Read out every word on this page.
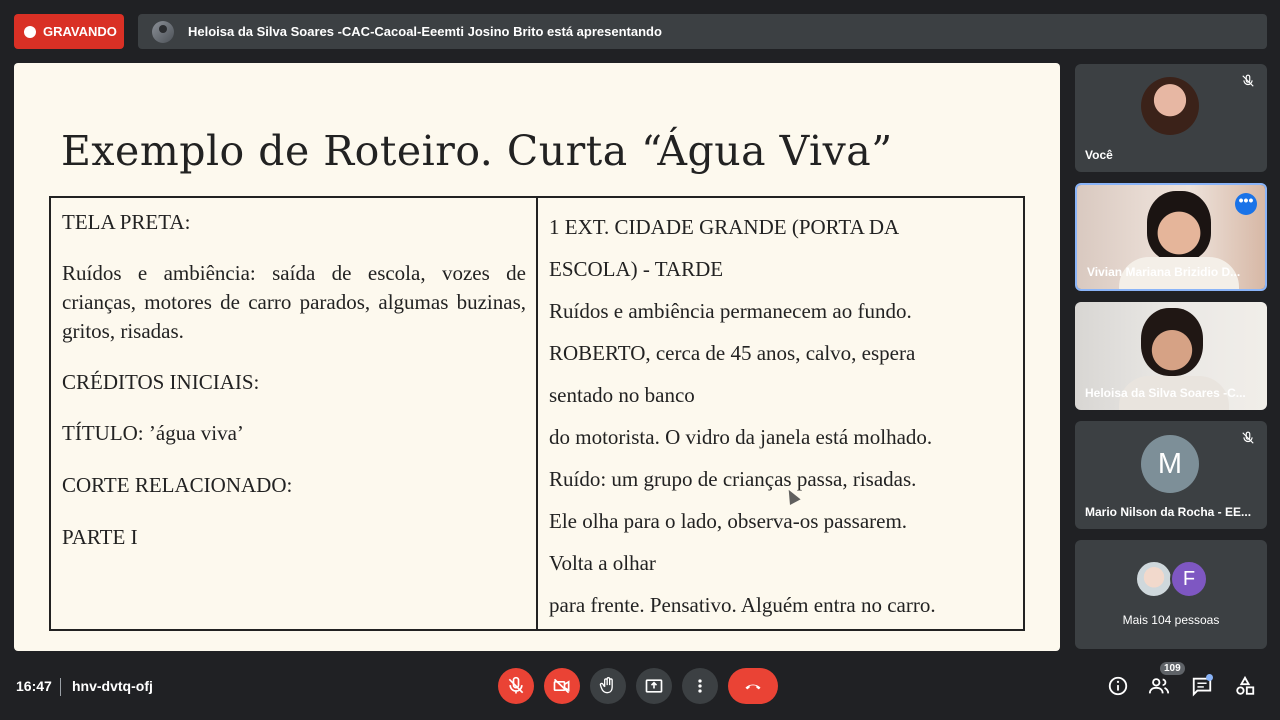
GRAVANDO	Heloisa da Silva Soares -CAC-Cacoal-Eeemti Josino Brito está apresentando
Exemplo de Roteiro. Curta “Água Viva”

TELA PRETA:

Ruídos e ambiência: saída de escola, vozes de crianças, motores de carro parados, algumas buzinas, gritos, risadas.

CRÉDITOS INICIAIS:

TÍTULO: ’água viva’

CORTE RELACIONADO:

PARTE I

1 EXT. CIDADE GRANDE (PORTA DA

ESCOLA) - TARDE

Ruídos e ambiência permanecem ao fundo.

ROBERTO, cerca de 45 anos, calvo, espera

sentado no banco

do motorista. O vidro da janela está molhado.

Ruído: um grupo de crianças passa, risadas.

Ele olha para o lado, observa-os passarem.

Volta a olhar

para frente. Pensativo. Alguém entra no carro.

Você
•••
Vivian Mariana Brizidio D...
Heloisa da Silva Soares -C...
M
Mario Nilson da Rocha - EE...
F
Mais 104 pessoas
16:47 hnv-dvtq-ofj
109
